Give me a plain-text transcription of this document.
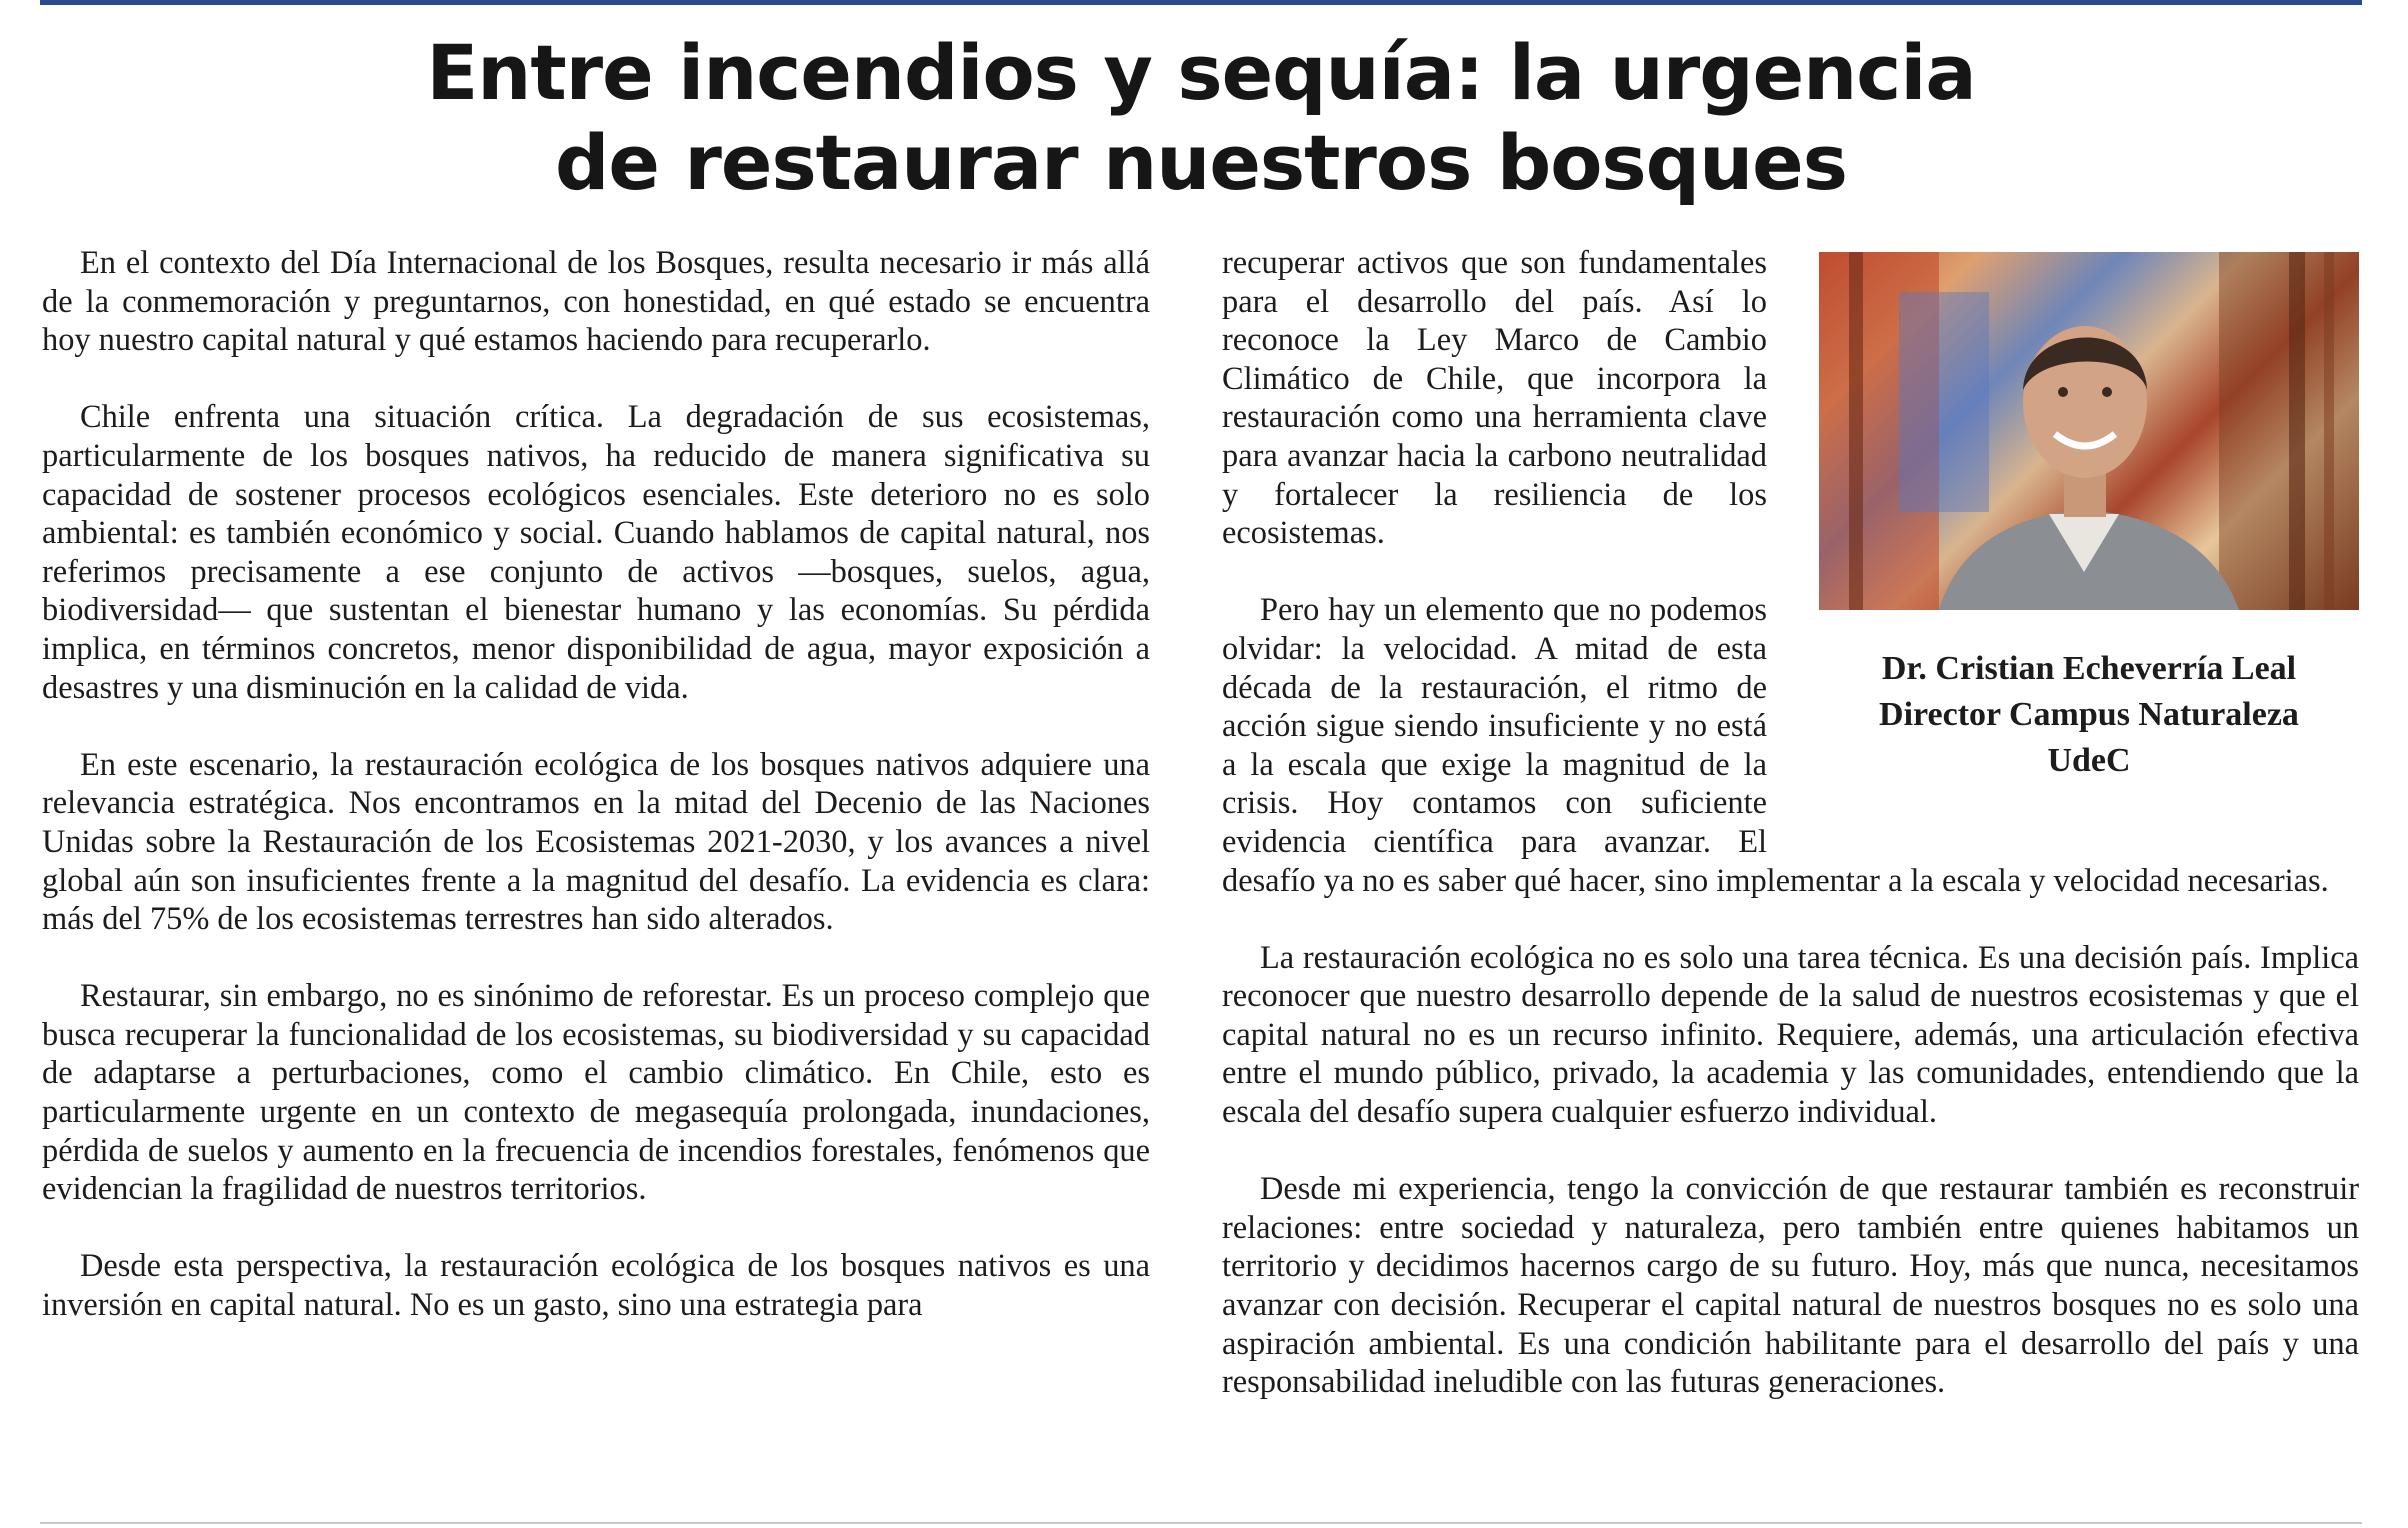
Entre incendios y sequía: la urgencia
de restaurar nuestros bosques

En el contexto del Día Internacional de los Bosques, resulta necesario ir más allá de la conmemoración y preguntarnos, con honestidad, en qué estado se encuentra hoy nuestro capital natural y qué estamos haciendo para recuperarlo.

Chile enfrenta una situación crítica. La degradación de sus ecosistemas, particularmente de los bosques nativos, ha reducido de manera significativa su capacidad de sostener procesos ecológicos esenciales. Este deterioro no es solo ambiental: es también económico y social. Cuando hablamos de capital natural, nos referimos precisamente a ese conjunto de activos —bosques, suelos, agua, biodiversidad— que sustentan el bienestar humano y las economías. Su pérdida implica, en términos concretos, menor disponibilidad de agua, mayor exposición a desastres y una disminución en la calidad de vida.

En este escenario, la restauración ecológica de los bosques nativos adquiere una relevancia estratégica. Nos encontramos en la mitad del Decenio de las Naciones Unidas sobre la Restauración de los Ecosistemas 2021-2030, y los avances a nivel global aún son insuficientes frente a la magnitud del desafío. La evidencia es clara: más del 75% de los ecosistemas terrestres han sido alterados.

Restaurar, sin embargo, no es sinónimo de reforestar. Es un proceso complejo que busca recuperar la funcionalidad de los ecosistemas, su biodiversidad y su capacidad de adaptarse a perturbaciones, como el cambio climático. En Chile, esto es particularmente urgente en un contexto de megasequía prolongada, inundaciones, pérdida de suelos y aumento en la frecuencia de incendios forestales, fenómenos que evidencian la fragilidad de nuestros territorios.

Desde esta perspectiva, la restauración ecológica de los bosques nativos es una inversión en capital natural. No es un gasto, sino una estrategia para

Dr. Cristian Echeverría Leal
Director Campus Naturaleza
UdeC

recuperar activos que son fundamentales para el desarrollo del país. Así lo reconoce la Ley Marco de Cambio Climático de Chile, que incorpora la restauración como una herramienta clave para avanzar hacia la carbono neutralidad y fortalecer la resiliencia de los ecosistemas.

Pero hay un elemento que no podemos olvidar: la velocidad. A mitad de esta década de la restauración, el ritmo de acción sigue siendo insuficiente y no está a la escala que exige la magnitud de la crisis. Hoy contamos con suficiente evidencia científica para avanzar. El desafío ya no es saber qué hacer, sino implementar a la escala y velocidad necesarias.

La restauración ecológica no es solo una tarea técnica. Es una decisión país. Implica reconocer que nuestro desarrollo depende de la salud de nuestros ecosistemas y que el capital natural no es un recurso infinito. Requiere, además, una articulación efectiva entre el mundo público, privado, la academia y las comunidades, entendiendo que la escala del desafío supera cualquier esfuerzo individual.

Desde mi experiencia, tengo la convicción de que restaurar también es reconstruir relaciones: entre sociedad y naturaleza, pero también entre quienes habitamos un territorio y decidimos hacernos cargo de su futuro. Hoy, más que nunca, necesitamos avanzar con decisión. Recuperar el capital natural de nuestros bosques no es solo una aspiración ambiental. Es una condición habilitante para el desarrollo del país y una responsabilidad ineludible con las futuras generaciones.
